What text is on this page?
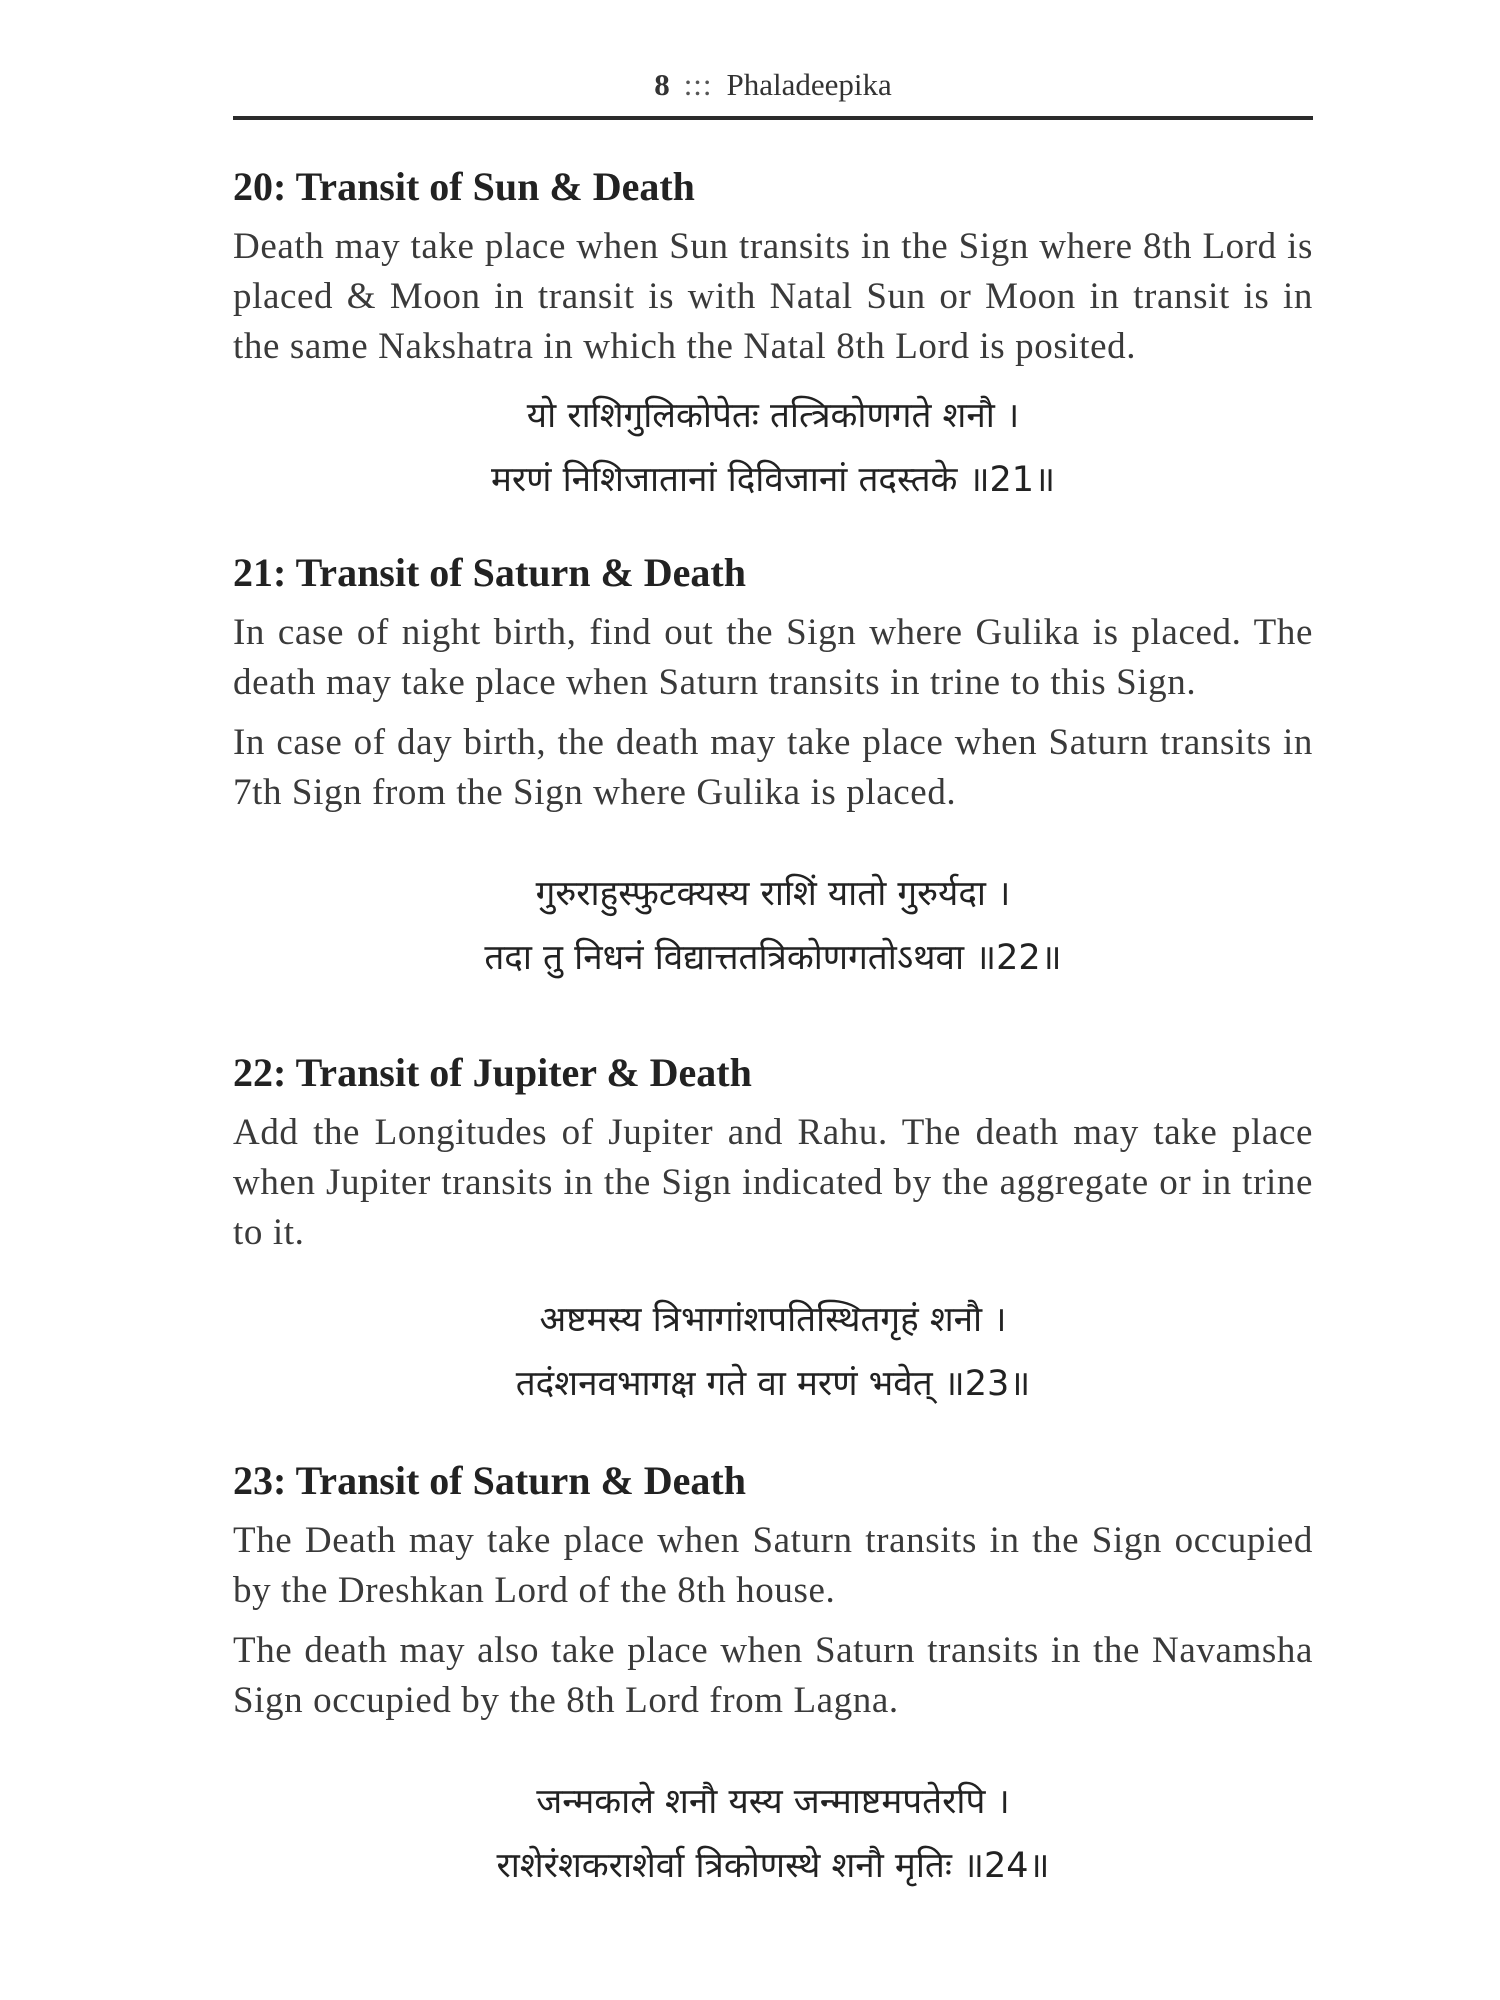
8 ::: Phaladeepika
20: Transit of Sun & Death

Death may take place when Sun transits in the Sign where 8th Lord is placed & Moon in transit is with Natal Sun or Moon in transit is in the same Nakshatra in which the Natal 8th Lord is posited.

यो राशिगुलिकोपेतः तत्त्रिकोणगते शनौ ।
मरणं निशिजातानां दिविजानां तदस्तके ॥21॥
21: Transit of Saturn & Death

In case of night birth, find out the Sign where Gulika is placed. The death may take place when Saturn transits in trine to this Sign.

In case of day birth, the death may take place when Saturn transits in 7th Sign from the Sign where Gulika is placed.

गुरुराहुस्फुटक्यस्य राशिं यातो गुरुर्यदा ।
तदा तु निधनं विद्यात्ततत्रिकोणगतोऽथवा ॥22॥
22: Transit of Jupiter & Death

Add the Longitudes of Jupiter and Rahu. The death may take place when Jupiter transits in the Sign indicated by the aggregate or in trine to it.

अष्टमस्य त्रिभागांशपतिस्थितगृहं शनौ ।
तदंशनवभागक्ष गते वा मरणं भवेत् ॥23॥
23: Transit of Saturn & Death

The Death may take place when Saturn transits in the Sign occupied by the Dreshkan Lord of the 8th house.

The death may also take place when Saturn transits in the Navamsha Sign occupied by the 8th Lord from Lagna.

जन्मकाले शनौ यस्य जन्माष्टमपतेरपि ।
राशेरंशकराशेर्वा त्रिकोणस्थे शनौ मृतिः ॥24॥
